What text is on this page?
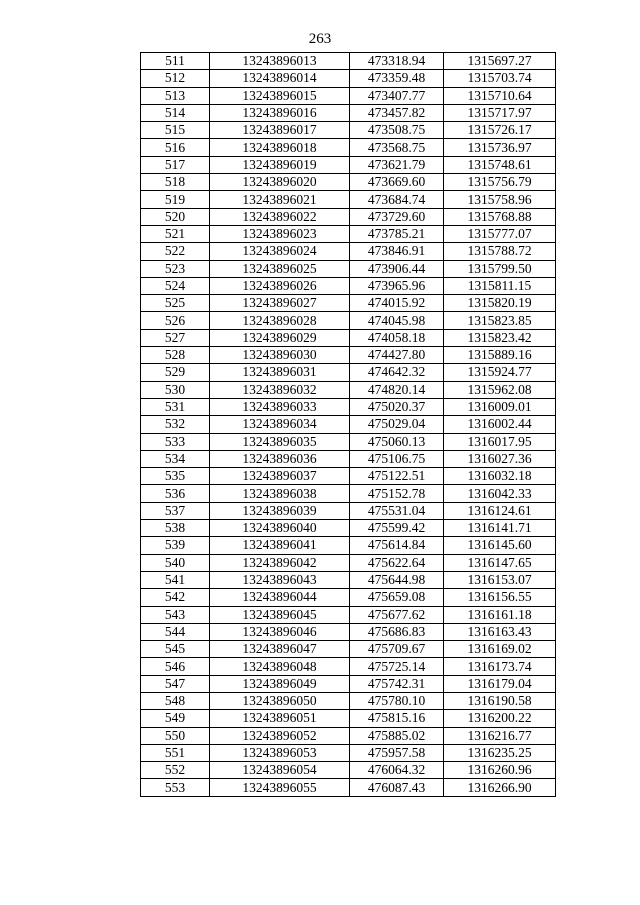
263
511	13243896013	473318.94	1315697.27
512	13243896014	473359.48	1315703.74
513	13243896015	473407.77	1315710.64
514	13243896016	473457.82	1315717.97
515	13243896017	473508.75	1315726.17
516	13243896018	473568.75	1315736.97
517	13243896019	473621.79	1315748.61
518	13243896020	473669.60	1315756.79
519	13243896021	473684.74	1315758.96
520	13243896022	473729.60	1315768.88
521	13243896023	473785.21	1315777.07
522	13243896024	473846.91	1315788.72
523	13243896025	473906.44	1315799.50
524	13243896026	473965.96	1315811.15
525	13243896027	474015.92	1315820.19
526	13243896028	474045.98	1315823.85
527	13243896029	474058.18	1315823.42
528	13243896030	474427.80	1315889.16
529	13243896031	474642.32	1315924.77
530	13243896032	474820.14	1315962.08
531	13243896033	475020.37	1316009.01
532	13243896034	475029.04	1316002.44
533	13243896035	475060.13	1316017.95
534	13243896036	475106.75	1316027.36
535	13243896037	475122.51	1316032.18
536	13243896038	475152.78	1316042.33
537	13243896039	475531.04	1316124.61
538	13243896040	475599.42	1316141.71
539	13243896041	475614.84	1316145.60
540	13243896042	475622.64	1316147.65
541	13243896043	475644.98	1316153.07
542	13243896044	475659.08	1316156.55
543	13243896045	475677.62	1316161.18
544	13243896046	475686.83	1316163.43
545	13243896047	475709.67	1316169.02
546	13243896048	475725.14	1316173.74
547	13243896049	475742.31	1316179.04
548	13243896050	475780.10	1316190.58
549	13243896051	475815.16	1316200.22
550	13243896052	475885.02	1316216.77
551	13243896053	475957.58	1316235.25
552	13243896054	476064.32	1316260.96
553	13243896055	476087.43	1316266.90
